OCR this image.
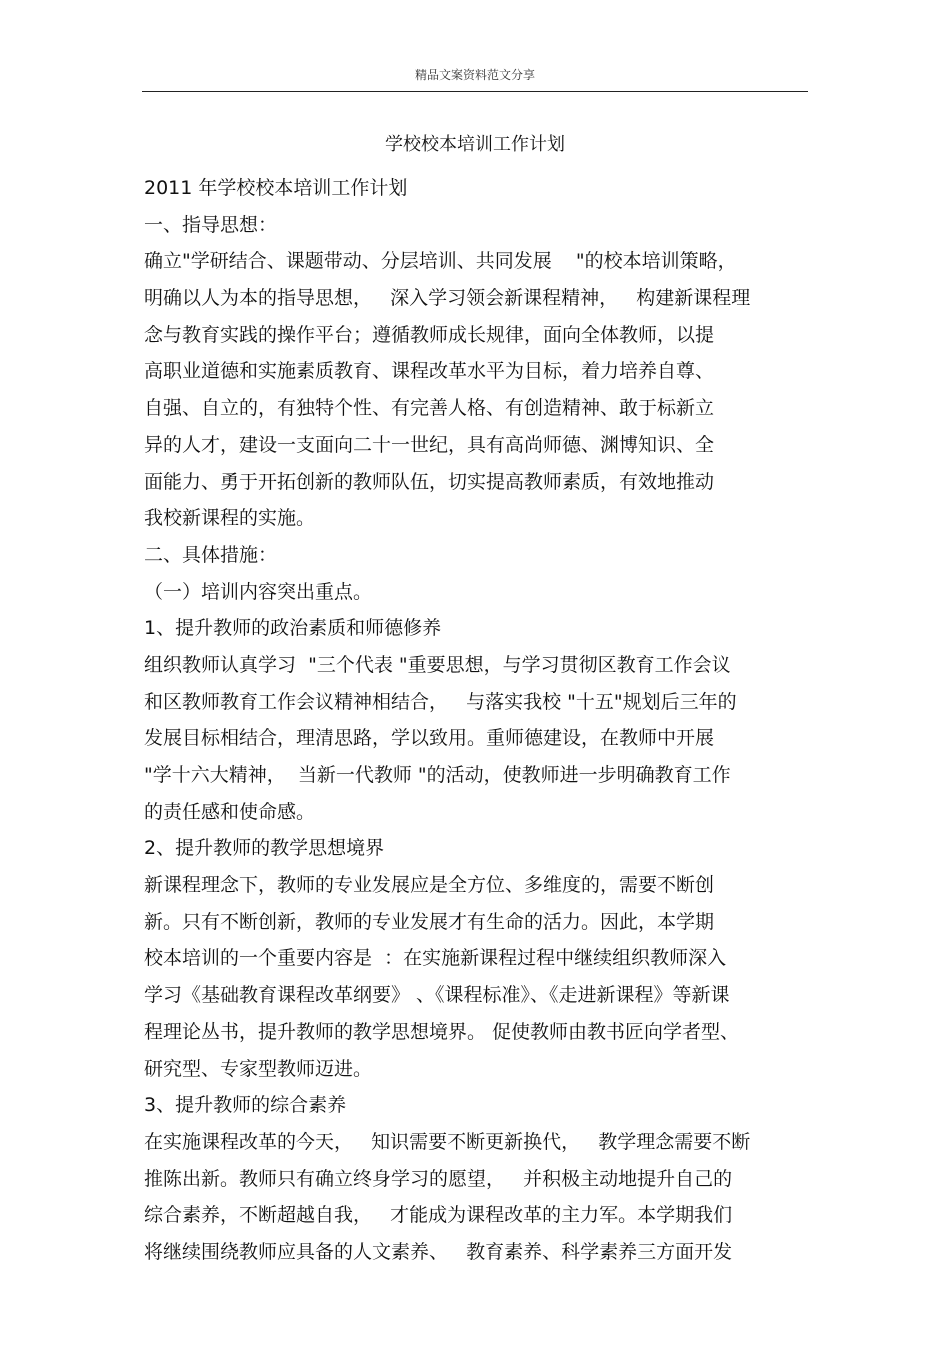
精品文案资料范文分享
学校校本培训工作计划
2011 年学校校本培训工作计划
一、指导思想：
确立"学研结合、课题带动、分层培训、共同发展    "的校本培训策略，
明确以人为本的指导思想，   深入学习领会新课程精神，   构建新课程理
念与教育实践的操作平台；遵循教师成长规律，面向全体教师，以提
高职业道德和实施素质教育、课程改革水平为目标，着力培养自尊、
自强、自立的，有独特个性、有完善人格、有创造精神、敢于标新立
异的人才，建设一支面向二十一世纪，具有高尚师德、渊博知识、全
面能力、勇于开拓创新的教师队伍，切实提高教师素质，有效地推动
我校新课程的实施。
二、具体措施：
（一）培训内容突出重点。
1、提升教师的政治素质和师德修养
组织教师认真学习  "三个代表 "重要思想，与学习贯彻区教育工作会议
和区教师教育工作会议精神相结合，   与落实我校 "十五"规划后三年的
发展目标相结合，理清思路，学以致用。重师德建设，在教师中开展
"学十六大精神，  当新一代教师 "的活动，使教师进一步明确教育工作
的责任感和使命感。
2、提升教师的教学思想境界
新课程理念下，教师的专业发展应是全方位、多维度的，需要不断创
新。只有不断创新，教师的专业发展才有生命的活力。因此，本学期
校本培训的一个重要内容是  ：在实施新课程过程中继续组织教师深入
学习《基础教育课程改革纲要》 、《课程标准》、《走进新课程》等新课
程理论丛书，提升教师的教学思想境界。 促使教师由教书匠向学者型、
研究型、专家型教师迈进。
3、提升教师的综合素养
在实施课程改革的今天，   知识需要不断更新换代，   教学理念需要不断
推陈出新。教师只有确立终身学习的愿望，   并积极主动地提升自己的
综合素养，不断超越自我，   才能成为课程改革的主力军。本学期我们
将继续围绕教师应具备的人文素养、   教育素养、科学素养三方面开发
